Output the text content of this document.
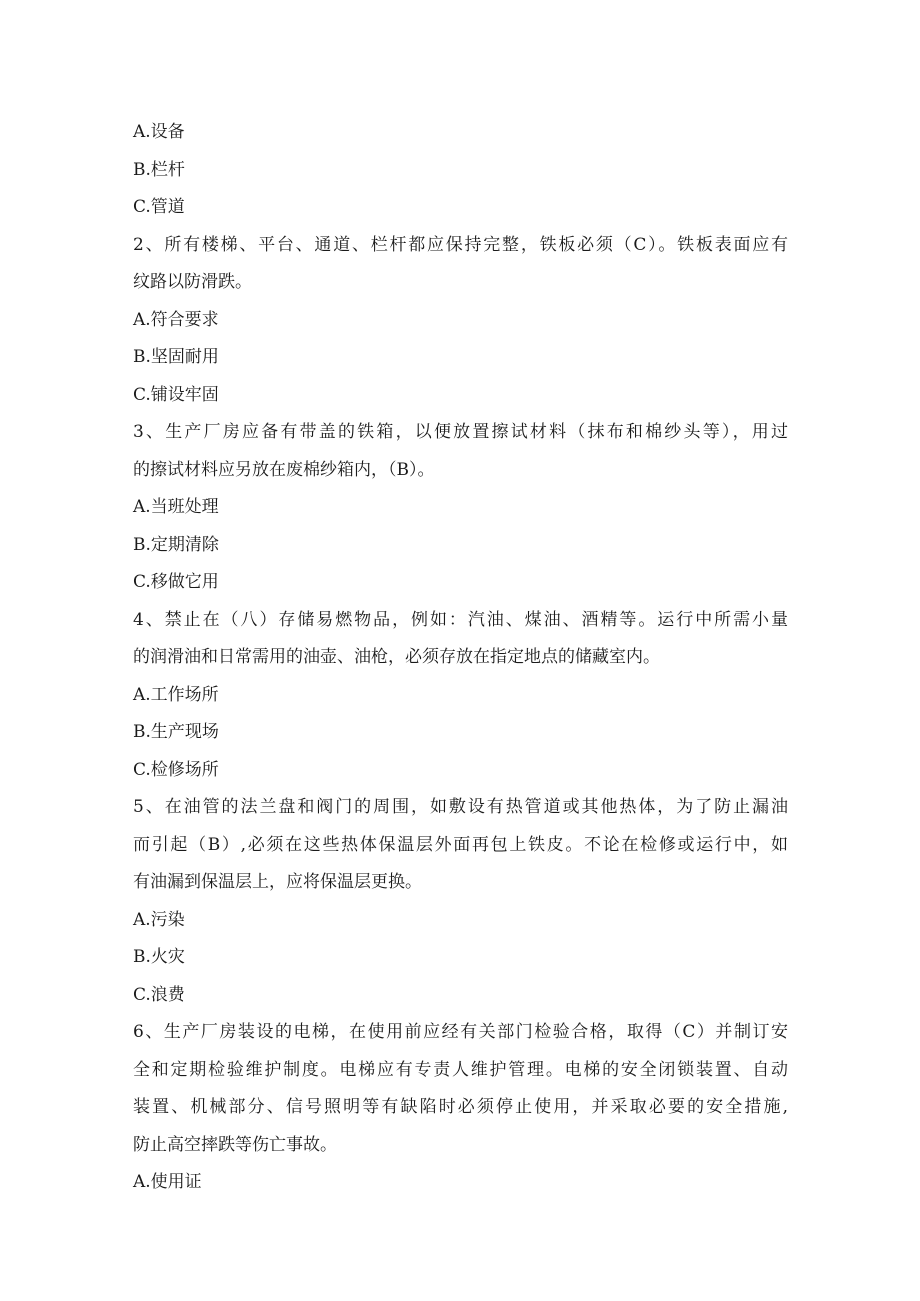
A.设备
B.栏杆
C.管道
2、所有楼梯、平台、通道、栏杆都应保持完整，铁板必须（C）。铁板表面应有
纹路以防滑跌。
A.符合要求
B.坚固耐用
C.铺设牢固
3、生产厂房应备有带盖的铁箱，以便放置擦试材料（抹布和棉纱头等），用过
的擦试材料应另放在废棉纱箱内，（B）。
A.当班处理
B.定期清除
C.移做它用
4、禁止在（八）存储易燃物品，例如：汽油、煤油、酒精等。运行中所需小量
的润滑油和日常需用的油壶、油枪，必须存放在指定地点的储藏室内。
A.工作场所
B.生产现场
C.检修场所
5、在油管的法兰盘和阀门的周围，如敷设有热管道或其他热体，为了防止漏油
而引起（B）,必须在这些热体保温层外面再包上铁皮。不论在检修或运行中，如
有油漏到保温层上，应将保温层更换。
A.污染
B.火灾
C.浪费
6、生产厂房装设的电梯，在使用前应经有关部门检验合格，取得（C）并制订安
全和定期检验维护制度。电梯应有专责人维护管理。电梯的安全闭锁装置、自动
装置、机械部分、信号照明等有缺陷时必须停止使用，并采取必要的安全措施,
防止高空摔跌等伤亡事故。
A.使用证
